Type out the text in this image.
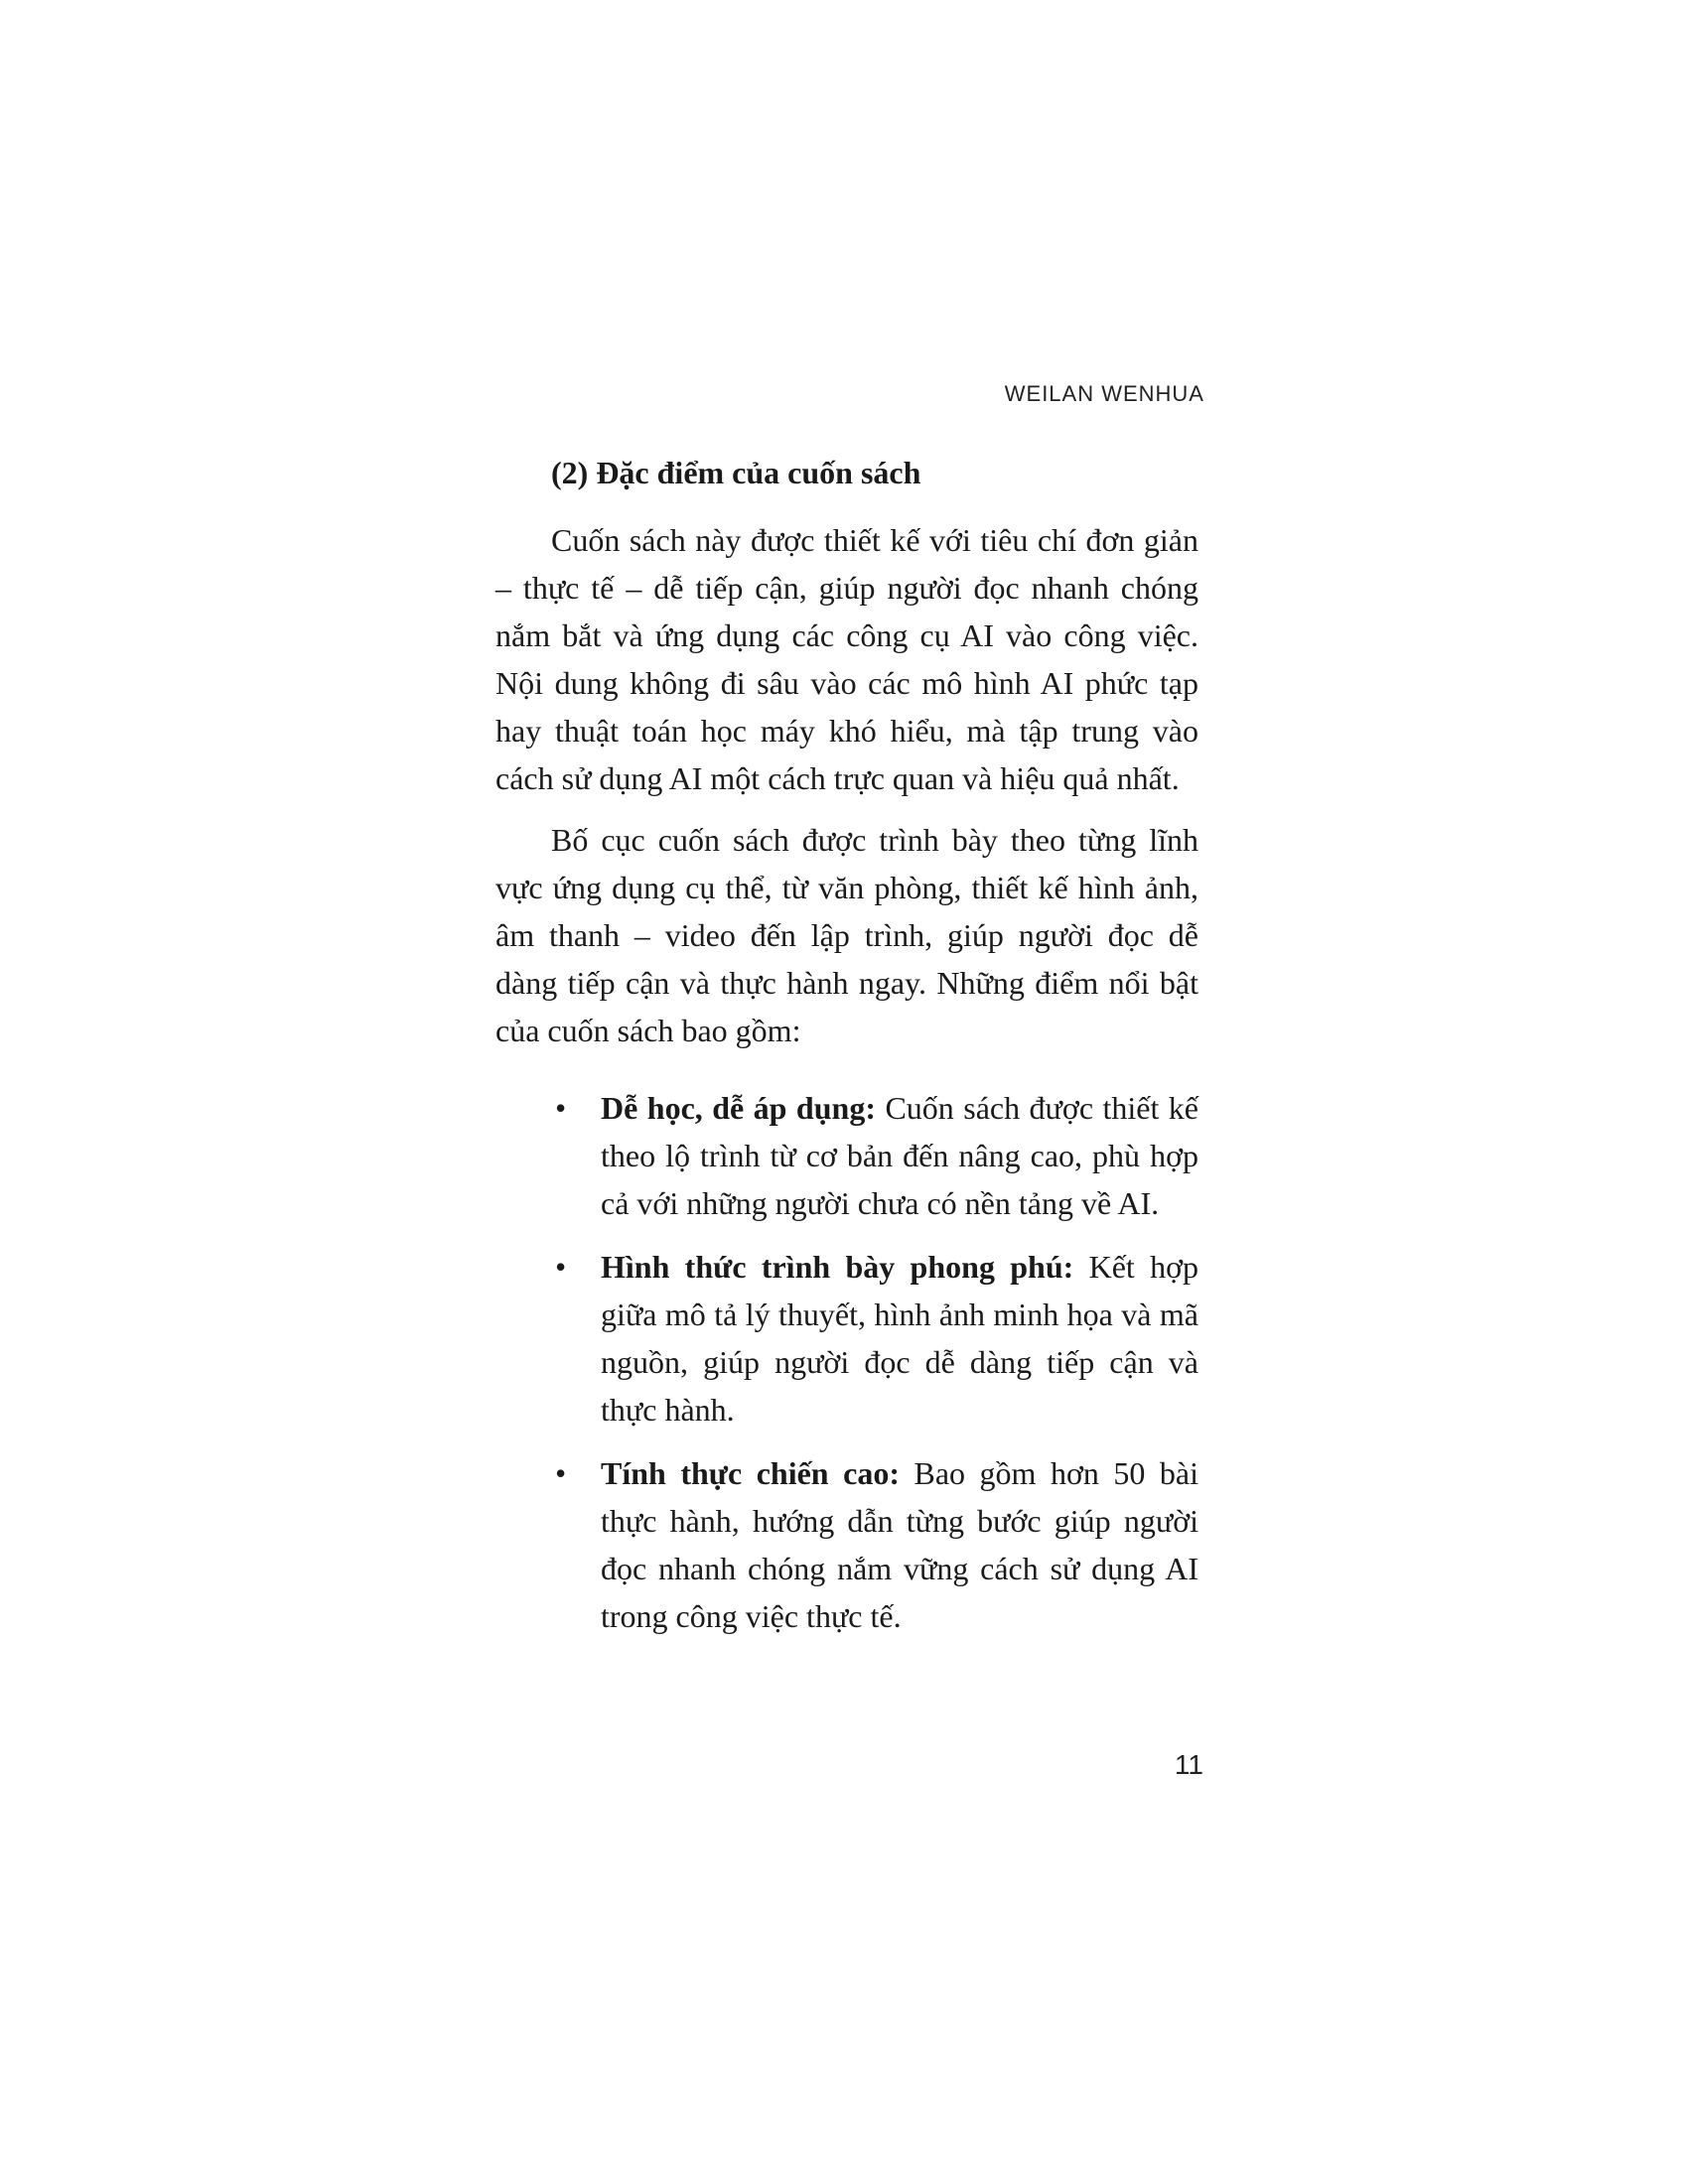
WEILAN WENHUA
(2) Đặc điểm của cuốn sách

Cuốn sách này được thiết kế với tiêu chí đơn giản – thực tế – dễ tiếp cận, giúp người đọc nhanh chóng nắm bắt và ứng dụng các công cụ AI vào công việc. Nội dung không đi sâu vào các mô hình AI phức tạp hay thuật toán học máy khó hiểu, mà tập trung vào cách sử dụng AI một cách trực quan và hiệu quả nhất.

Bố cục cuốn sách được trình bày theo từng lĩnh vực ứng dụng cụ thể, từ văn phòng, thiết kế hình ảnh, âm thanh – video đến lập trình, giúp người đọc dễ dàng tiếp cận và thực hành ngay. Những điểm nổi bật của cuốn sách bao gồm:

• Dễ học, dễ áp dụng: Cuốn sách được thiết kế theo lộ trình từ cơ bản đến nâng cao, phù hợp cả với những người chưa có nền tảng về AI.
• Hình thức trình bày phong phú: Kết hợp giữa mô tả lý thuyết, hình ảnh minh họa và mã nguồn, giúp người đọc dễ dàng tiếp cận và thực hành.
• Tính thực chiến cao: Bao gồm hơn 50 bài thực hành, hướng dẫn từng bước giúp người đọc nhanh chóng nắm vững cách sử dụng AI trong công việc thực tế.
11
